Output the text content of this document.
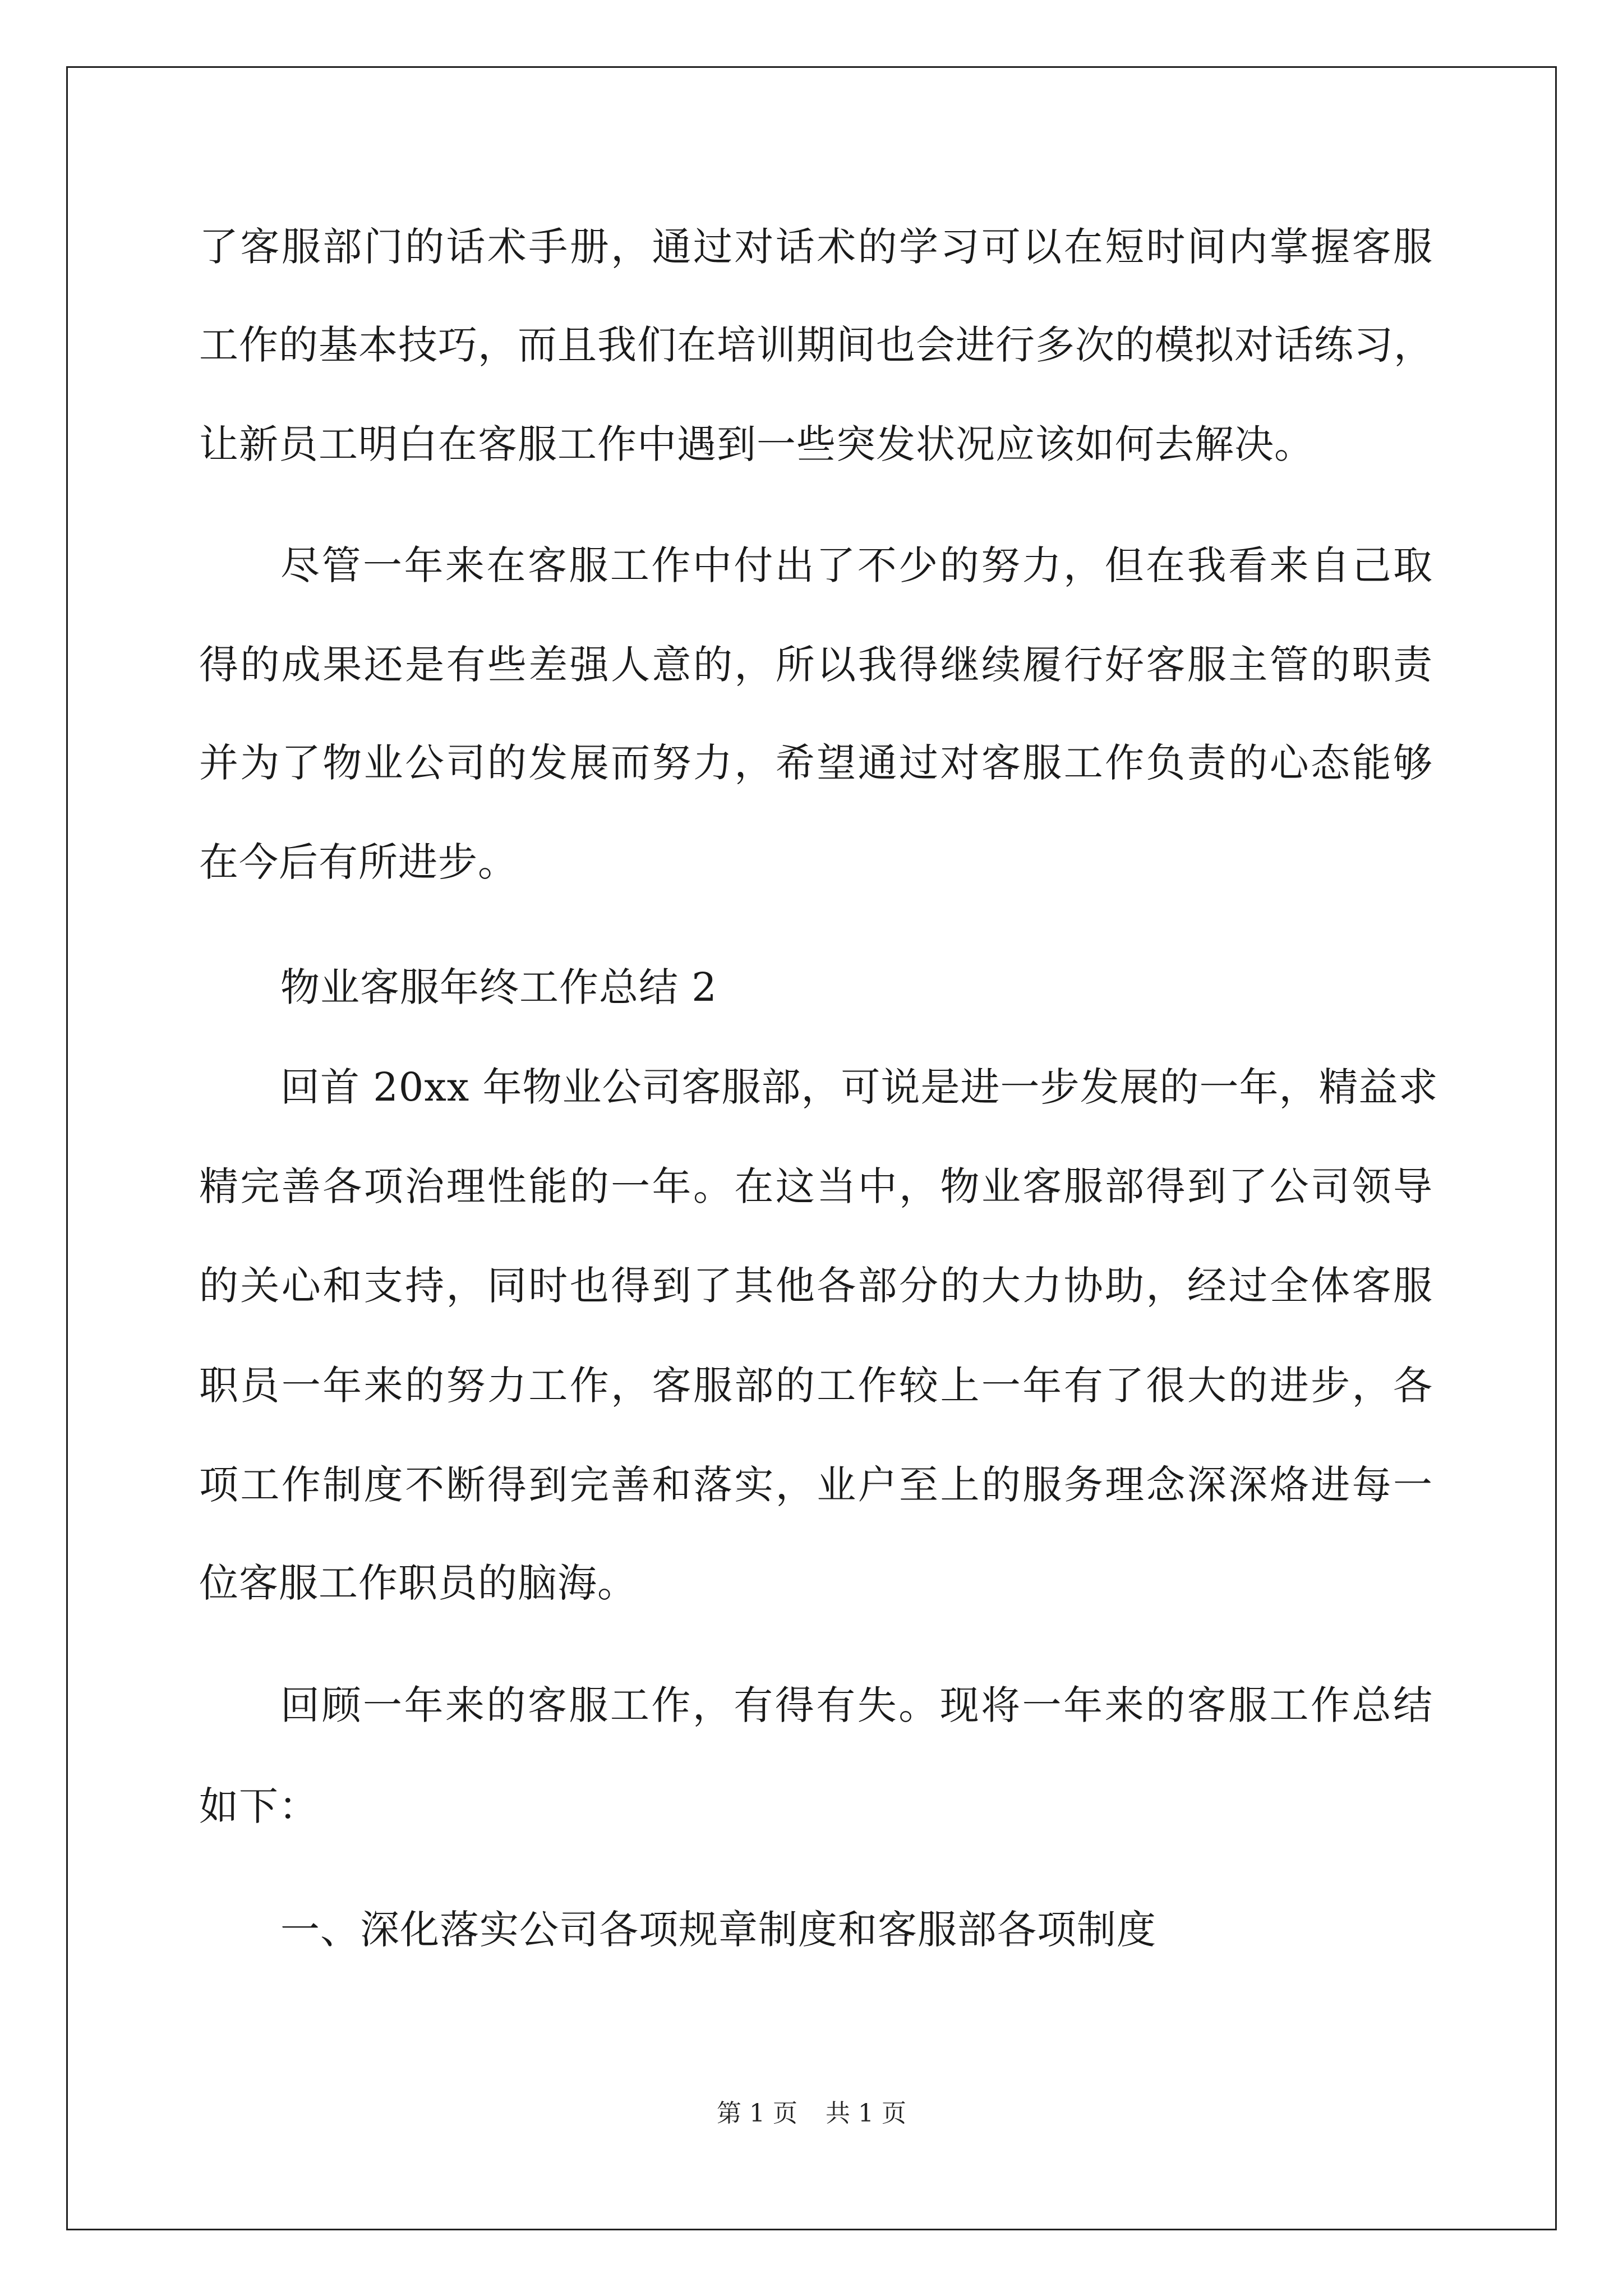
了客服部门的话术手册，通过对话术的学习可以在短时间内掌握客服
工作的基本技巧，而且我们在培训期间也会进行多次的模拟对话练习，
让新员工明白在客服工作中遇到一些突发状况应该如何去解决。
尽管一年来在客服工作中付出了不少的努力，但在我看来自己取
得的成果还是有些差强人意的，所以我得继续履行好客服主管的职责
并为了物业公司的发展而努力，希望通过对客服工作负责的心态能够
在今后有所进步。
物业客服年终工作总结 2
回首 20xx 年物业公司客服部，可说是进一步发展的一年，精益求
精完善各项治理性能的一年。在这当中，物业客服部得到了公司领导
的关心和支持，同时也得到了其他各部分的大力协助，经过全体客服
职员一年来的努力工作，客服部的工作较上一年有了很大的进步，各
项工作制度不断得到完善和落实，业户至上的服务理念深深烙进每一
位客服工作职员的脑海。
回顾一年来的客服工作，有得有失。现将一年来的客服工作总结
如下：
一、深化落实公司各项规章制度和客服部各项制度
第 1 页 共 1 页
